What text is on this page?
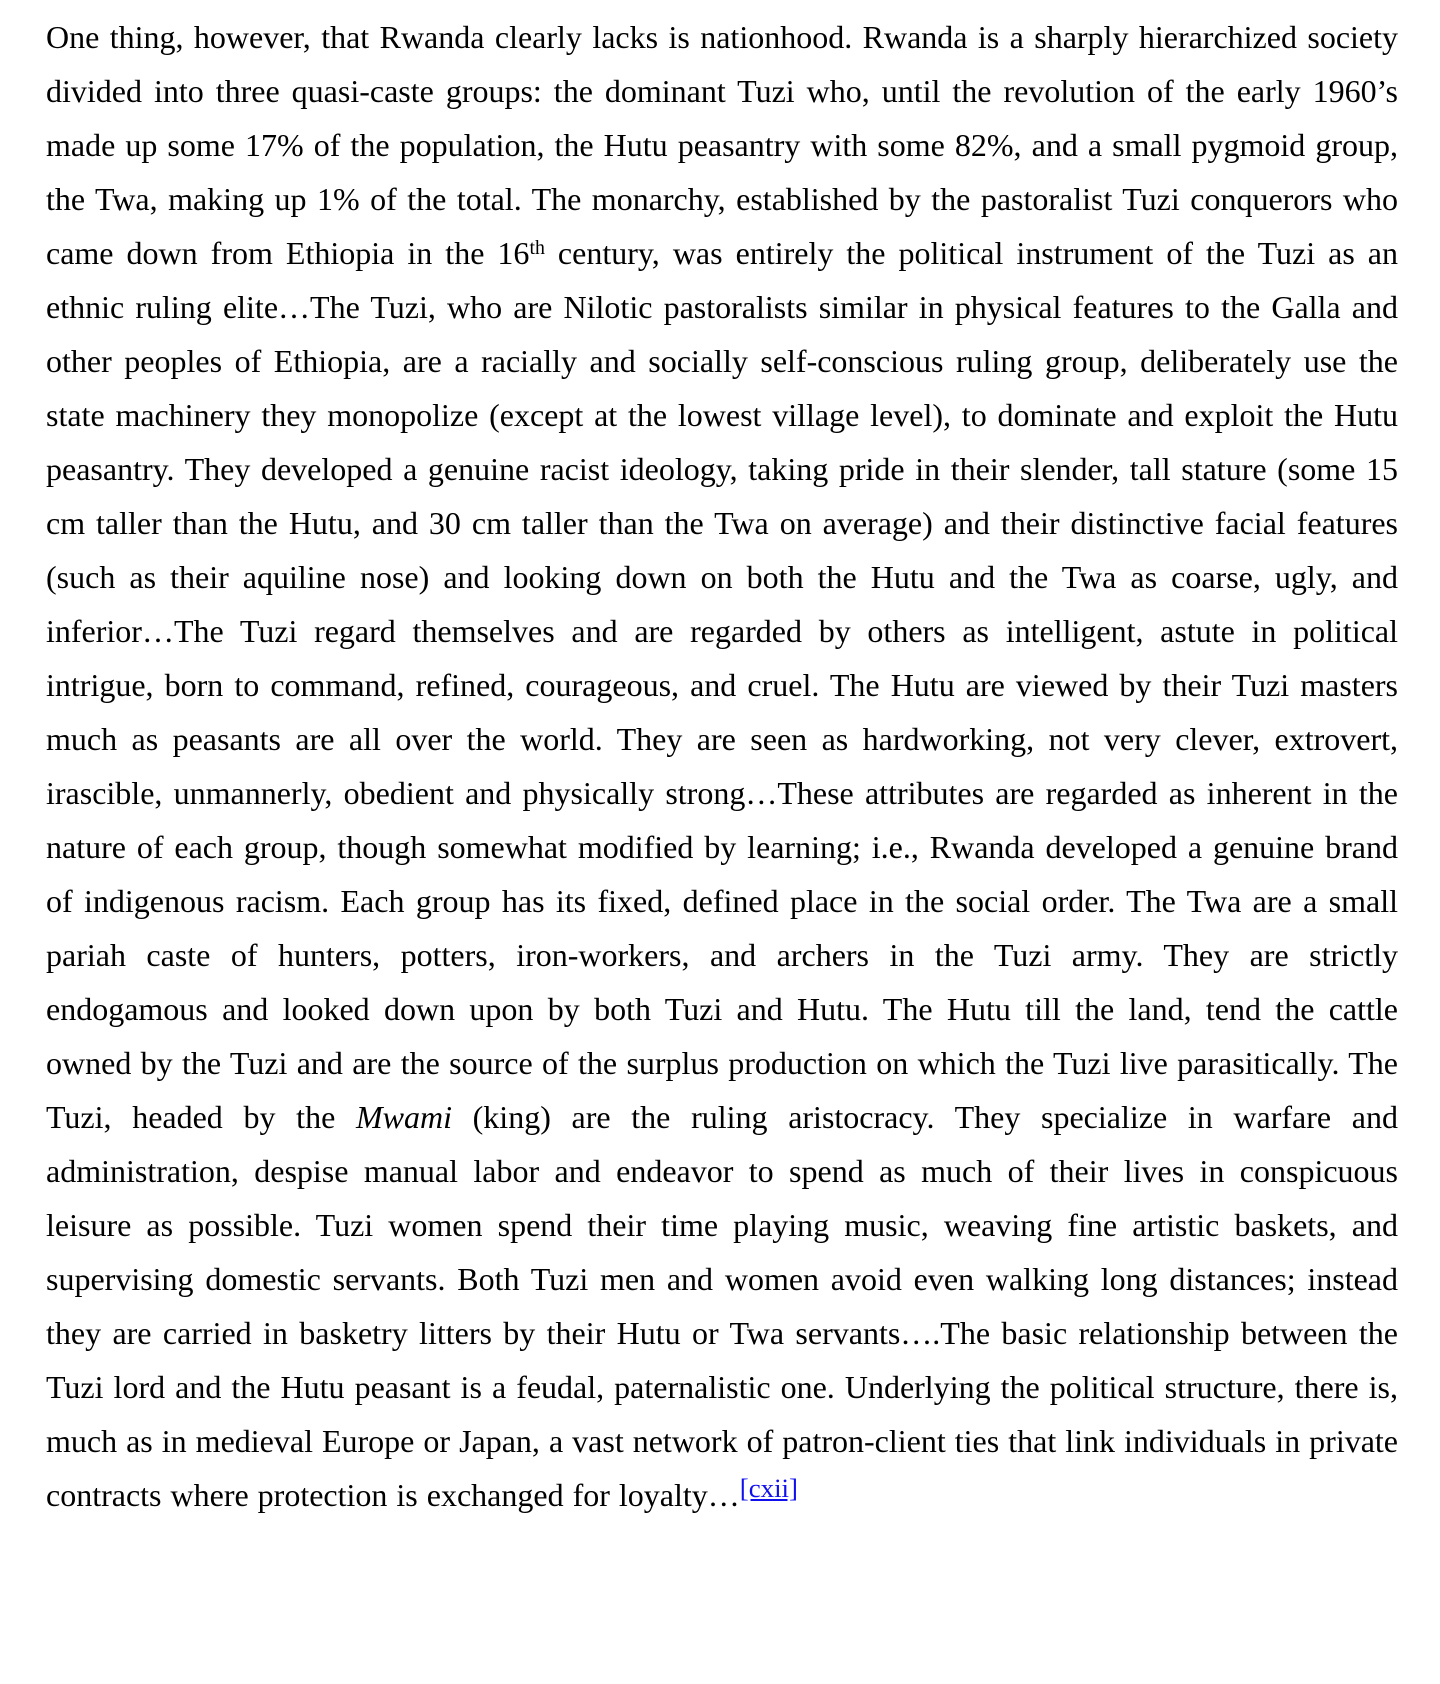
One thing, however, that Rwanda clearly lacks is nationhood. Rwanda is a sharply hierarchized society divided into three quasi-caste groups: the dominant Tuzi who, until the revolution of the early 1960’s made up some 17% of the population, the Hutu peasantry with some 82%, and a small pygmoid group, the Twa, making up 1% of the total. The monarchy, established by the pastoralist Tuzi conquerors who came down from Ethiopia in the 16th century, was entirely the political instrument of the Tuzi as an ethnic ruling elite…The Tuzi, who are Nilotic pastoralists similar in physical features to the Galla and other peoples of Ethiopia, are a racially and socially self-conscious ruling group, deliberately use the state machinery they monopolize (except at the lowest village level), to dominate and exploit the Hutu peasantry. They developed a genuine racist ideology, taking pride in their slender, tall stature (some 15 cm taller than the Hutu, and 30 cm taller than the Twa on average) and their distinctive facial features (such as their aquiline nose) and looking down on both the Hutu and the Twa as coarse, ugly, and inferior…The Tuzi regard themselves and are regarded by others as intelligent, astute in political intrigue, born to command, refined, courageous, and cruel. The Hutu are viewed by their Tuzi masters much as peasants are all over the world. They are seen as hardworking, not very clever, extrovert, irascible, unmannerly, obedient and physically strong…These attributes are regarded as inherent in the nature of each group, though somewhat modified by learning; i.e., Rwanda developed a genuine brand of indigenous racism. Each group has its fixed, defined place in the social order. The Twa are a small pariah caste of hunters, potters, iron-workers, and archers in the Tuzi army. They are strictly endogamous and looked down upon by both Tuzi and Hutu. The Hutu till the land, tend the cattle owned by the Tuzi and are the source of the surplus production on which the Tuzi live parasitically. The Tuzi, headed by the Mwami (king) are the ruling aristocracy. They specialize in warfare and administration, despise manual labor and endeavor to spend as much of their lives in conspicuous leisure as possible. Tuzi women spend their time playing music, weaving fine artistic baskets, and supervising domestic servants. Both Tuzi men and women avoid even walking long distances; instead they are carried in basketry litters by their Hutu or Twa servants….The basic relationship between the Tuzi lord and the Hutu peasant is a feudal, paternalistic one. Underlying the political structure, there is, much as in medieval Europe or Japan, a vast network of patron-client ties that link individuals in private contracts where protection is exchanged for loyalty…[cxii]
